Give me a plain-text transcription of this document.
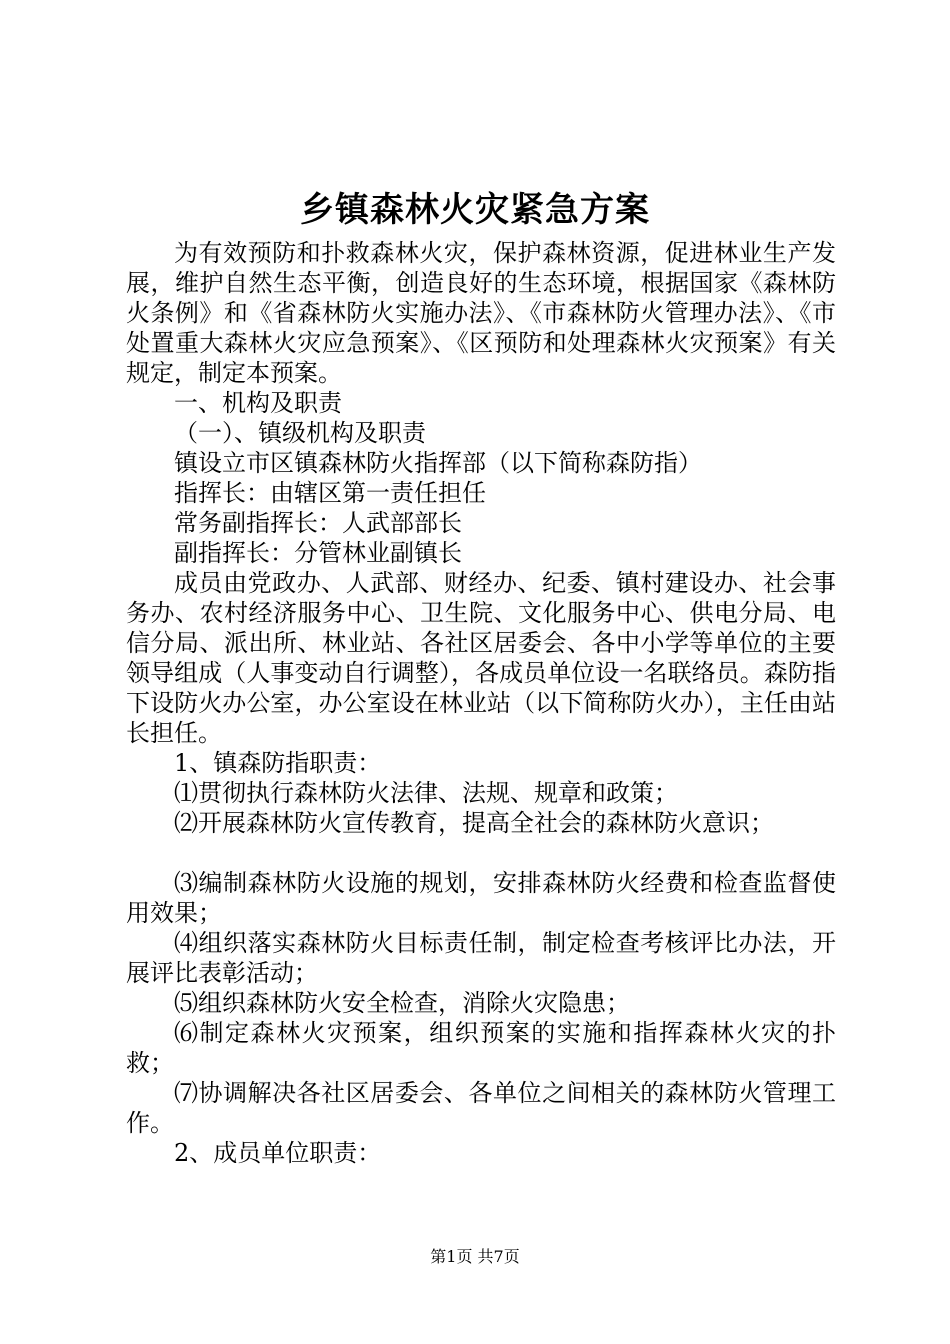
乡镇森林火灾紧急方案

为有效预防和扑救森林火灾，保护森林资源，促进林业生产发展，维护自然生态平衡，创造良好的生态环境，根据国家《森林防火条例》和《省森林防火实施办法》、《市森林防火管理办法》、《市处置重大森林火灾应急预案》、《区预防和处理森林火灾预案》有关规定，制定本预案。

一、机构及职责

（一）、镇级机构及职责

镇设立市区镇森林防火指挥部（以下简称森防指）

指挥长：由辖区第一责任担任

常务副指挥长：人武部部长

副指挥长：分管林业副镇长

成员由党政办、人武部、财经办、纪委、镇村建设办、社会事务办、农村经济服务中心、卫生院、文化服务中心、供电分局、电信分局、派出所、林业站、各社区居委会、各中小学等单位的主要领导组成（人事变动自行调整），各成员单位设一名联络员。森防指下设防火办公室，办公室设在林业站（以下简称防火办），主任由站长担任。

1、镇森防指职责：

⑴贯彻执行森林防火法律、法规、规章和政策；

⑵开展森林防火宣传教育，提高全社会的森林防火意识；

⑶编制森林防火设施的规划，安排森林防火经费和检查监督使用效果；

⑷组织落实森林防火目标责任制，制定检查考核评比办法，开展评比表彰活动；

⑸组织森林防火安全检查，消除火灾隐患；

⑹制定森林火灾预案，组织预案的实施和指挥森林火灾的扑救；

⑺协调解决各社区居委会、各单位之间相关的森林防火管理工作。

2、成员单位职责：

第1页 共7页
